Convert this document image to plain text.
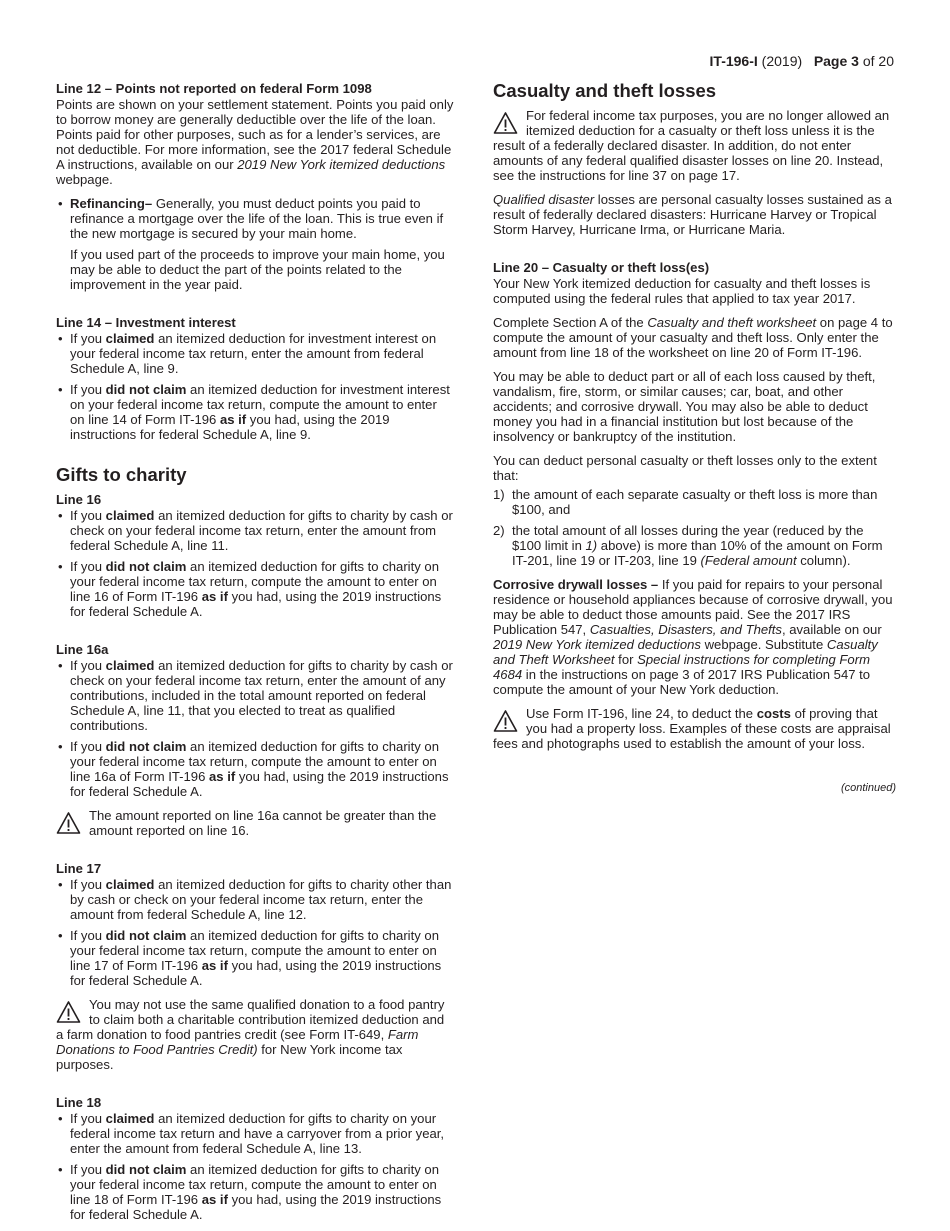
IT-196-I (2019) Page 3 of 20
Line 12 – Points not reported on federal Form 1098

Points are shown on your settlement statement. Points you paid only to borrow money are generally deductible over the life of the loan. Points paid for other purposes, such as for a lender’s services, are not deductible. For more information, see the 2017 federal Schedule A instructions, available on our 2019 New York itemized deductions webpage.

• Refinancing– Generally, you must deduct points you paid to refinance a mortgage over the life of the loan. This is true even if the new mortgage is secured by your main home.

If you used part of the proceeds to improve your main home, you may be able to deduct the part of the points related to the improvement in the year paid.

Line 14 – Investment interest
• If you claimed an itemized deduction for investment interest on your federal income tax return, enter the amount from federal Schedule A, line 9.
• If you did not claim an itemized deduction for investment interest on your federal income tax return, compute the amount to enter on line 14 of Form IT-196 as if you had, using the 2019 instructions for federal Schedule A, line 9.
Gifts to charity
Line 16
• If you claimed an itemized deduction for gifts to charity by cash or check on your federal income tax return, enter the amount from federal Schedule A, line 11.
• If you did not claim an itemized deduction for gifts to charity on your federal income tax return, compute the amount to enter on line 16 of Form IT-196 as if you had, using the 2019 instructions for federal Schedule A.
Line 16a
• If you claimed an itemized deduction for gifts to charity by cash or check on your federal income tax return, enter the amount of any contributions, included in the total amount reported on federal Schedule A, line 11, that you elected to treat as qualified contributions.
• If you did not claim an itemized deduction for gifts to charity on your federal income tax return, compute the amount to enter on line 16a of Form IT-196 as if you had, using the 2019 instructions for federal Schedule A.

The amount reported on line 16a cannot be greater than the amount reported on line 16.

Line 17
• If you claimed an itemized deduction for gifts to charity other than by cash or check on your federal income tax return, enter the amount from federal Schedule A, line 12.
• If you did not claim an itemized deduction for gifts to charity on your federal income tax return, compute the amount to enter on line 17 of Form IT-196 as if you had, using the 2019 instructions for federal Schedule A.

You may not use the same qualified donation to a food pantry to claim both a charitable contribution itemized deduction and a farm donation to food pantries credit (see Form IT-649, Farm Donations to Food Pantries Credit) for New York income tax purposes.

Line 18
• If you claimed an itemized deduction for gifts to charity on your federal income tax return and have a carryover from a prior year, enter the amount from federal Schedule A, line 13.
• If you did not claim an itemized deduction for gifts to charity on your federal income tax return, compute the amount to enter on line 18 of Form IT-196 as if you had, using the 2019 instructions for federal Schedule A.
Casualty and theft losses

For federal income tax purposes, you are no longer allowed an itemized deduction for a casualty or theft loss unless it is the result of a federally declared disaster. In addition, do not enter amounts of any federal qualified disaster losses on line 20. Instead, see the instructions for line 37 on page 17.

Qualified disaster losses are personal casualty losses sustained as a result of federally declared disasters: Hurricane Harvey or Tropical Storm Harvey, Hurricane Irma, or Hurricane Maria.

Line 20 – Casualty or theft loss(es)

Your New York itemized deduction for casualty and theft losses is computed using the federal rules that applied to tax year 2017.

Complete Section A of the Casualty and theft worksheet on page 4 to compute the amount of your casualty and theft loss. Only enter the amount from line 18 of the worksheet on line 20 of Form IT-196.

You may be able to deduct part or all of each loss caused by theft, vandalism, fire, storm, or similar causes; car, boat, and other accidents; and corrosive drywall. You may also be able to deduct money you had in a financial institution but lost because of the insolvency or bankruptcy of the institution.

You can deduct personal casualty or theft losses only to the extent that:

1) the amount of each separate casualty or theft loss is more than $100, and
2) the total amount of all losses during the year (reduced by the $100 limit in 1) above) is more than 10% of the amount on Form IT-201, line 19 or IT-203, line 19 (Federal amount column).

Corrosive drywall losses – If you paid for repairs to your personal residence or household appliances because of corrosive drywall, you may be able to deduct those amounts paid. See the 2017 IRS Publication 547, Casualties, Disasters, and Thefts, available on our 2019 New York itemized deductions webpage. Substitute Casualty and Theft Worksheet for Special instructions for completing Form 4684 in the instructions on page 3 of 2017 IRS Publication 547 to compute the amount of your New York deduction.

Use Form IT-196, line 24, to deduct the costs of proving that you had a property loss. Examples of these costs are appraisal fees and photographs used to establish the amount of your loss.

(continued)
